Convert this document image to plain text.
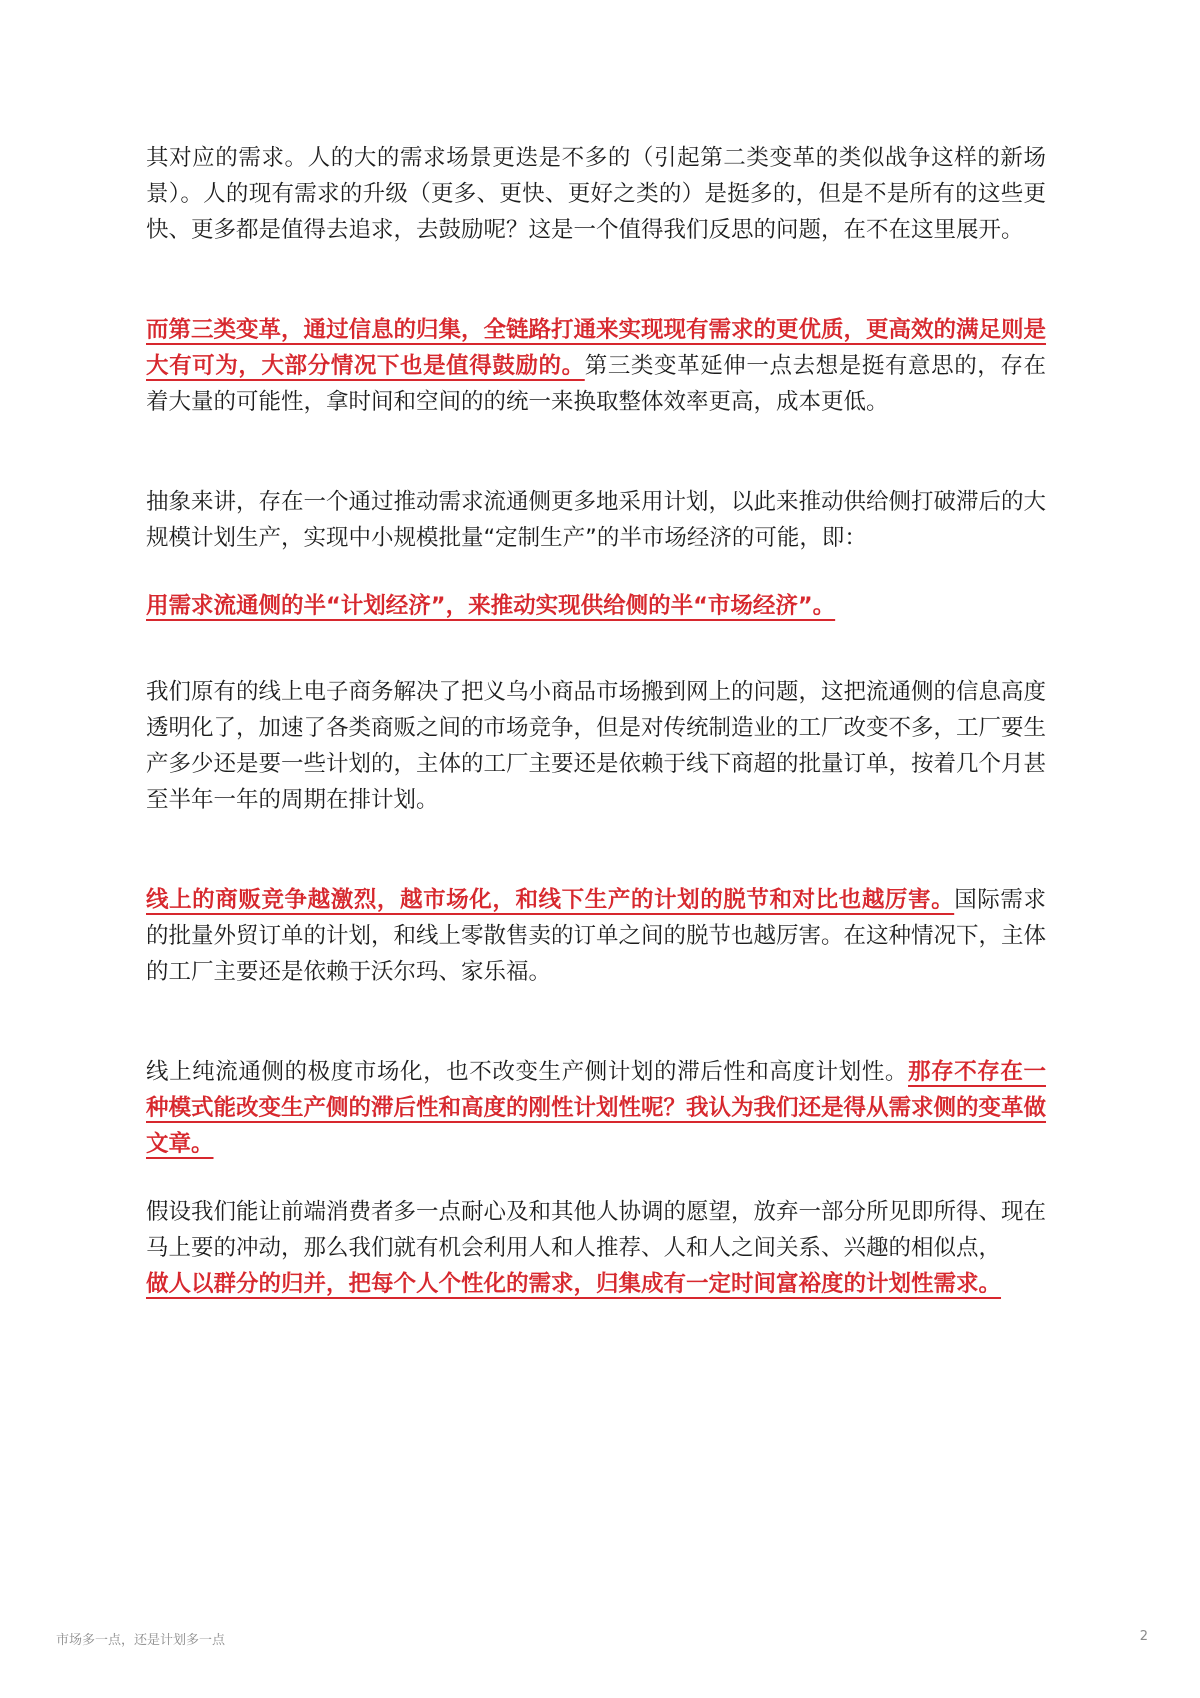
其对应的需求。人的大的需求场景更迭是不多的（引起第二类变革的类似战争这样的新场景）。人的现有需求的升级（更多、更快、更好之类的）是挺多的，但是不是所有的这些更快、更多都是值得去追求，去鼓励呢？这是一个值得我们反思的问题，在不在这里展开。

而第三类变革，通过信息的归集，全链路打通来实现现有需求的更优质，更高效的满足则是大有可为，大部分情况下也是值得鼓励的。第三类变革延伸一点去想是挺有意思的，存在着大量的可能性，拿时间和空间的的统一来换取整体效率更高，成本更低。

抽象来讲，存在一个通过推动需求流通侧更多地采用计划，以此来推动供给侧打破滞后的大规模计划生产，实现中小规模批量“定制生产”的半市场经济的可能，即：

用需求流通侧的半“计划经济”，来推动实现供给侧的半“市场经济”。

我们原有的线上电子商务解决了把义乌小商品市场搬到网上的问题，这把流通侧的信息高度透明化了，加速了各类商贩之间的市场竞争，但是对传统制造业的工厂改变不多，工厂要生产多少还是要一些计划的，主体的工厂主要还是依赖于线下商超的批量订单，按着几个月甚至半年一年的周期在排计划。

线上的商贩竞争越激烈，越市场化，和线下生产的计划的脱节和对比也越厉害。国际需求的批量外贸订单的计划，和线上零散售卖的订单之间的脱节也越厉害。在这种情况下，主体的工厂主要还是依赖于沃尔玛、家乐福。

线上纯流通侧的极度市场化，也不改变生产侧计划的滞后性和高度计划性。那存不存在一种模式能改变生产侧的滞后性和高度的刚性计划性呢？我认为我们还是得从需求侧的变革做文章。

假设我们能让前端消费者多一点耐心及和其他人协调的愿望，放弃一部分所见即所得、现在马上要的冲动，那么我们就有机会利用人和人推荐、人和人之间关系、兴趣的相似点，
做人以群分的归并，把每个人个性化的需求，归集成有一定时间富裕度的计划性需求。

市场多一点，还是计划多一点	2
